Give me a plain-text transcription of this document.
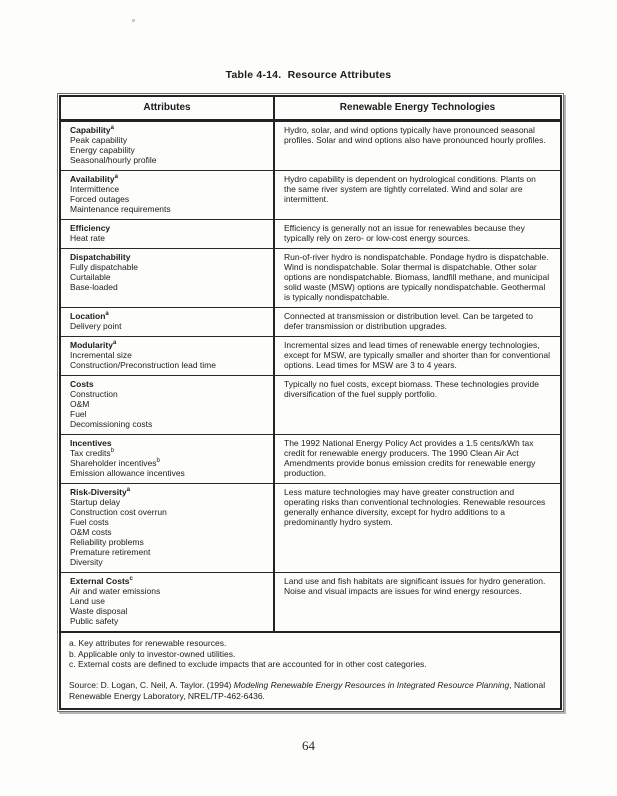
Table 4-14.  Resource Attributes
Attributes	Renewable Energy Technologies

Capability$^a$
Peak capability
Energy capability
Seasonal/hourly profile	Hydro, solar, and wind options typically have pronounced seasonal profiles. Solar and wind options also have pronounced hourly profiles.

Availability$^a$
Intermittence
Forced outages
Maintenance requirements	Hydro capability is dependent on hydrological conditions. Plants on the same river system are tightly correlated. Wind and solar are intermittent.

Efficiency
Heat rate	Efficiency is generally not an issue for renewables because they typically rely on zero- or low-cost energy sources.

Dispatchability
Fully dispatchable
Curtailable
Base-loaded
	Run-of-river hydro is nondispatchable. Pondage hydro is dispatchable. Wind is nondispatchable. Solar thermal is dispatchable. Other solar options are nondispatchable. Biomass, landfill methane, and municipal solid waste (MSW) options are typically nondispatchable. Geothermal is typically nondispatchable.

Location$^a$
Delivery point	Connected at transmission or distribution level. Can be targeted to defer transmission or distribution upgrades.

Modularity$^a$
Incremental size
Construction/Preconstruction lead time	Incremental sizes and lead times of renewable energy technologies, except for MSW, are typically smaller and shorter than for conventional options. Lead times for MSW are 3 to 4 years.

Costs
Construction
O&M
Fuel
Decomissioning costs	Typically no fuel costs, except biomass. These technologies provide diversification of the fuel supply portfolio.

Incentives
Tax credits$^b$
Shareholder incentives$^b$
Emission allowance incentives
	The 1992 National Energy Policy Act provides a 1.5 cents/kWh tax credit for renewable energy producers. The 1990 Clean Air Act Amendments provide bonus emission credits for renewable energy production.

Risk-Diversity$^a$
Startup delay
Construction cost overrun
Fuel costs
O&M costs
Reliability problems
Premature retirement
Diversity
	Less mature technologies may have greater construction and operating risks than conventional technologies. Renewable resources generally enhance diversity, except for hydro additions to a predominantly hydro system.

External Costs$^c$
Air and water emissions
Land use
Waste disposal
Public safety	Land use and fish habitats are significant issues for hydro generation. Noise and visual impacts are issues for wind energy resources.

a. Key attributes for renewable resources.
b. Applicable only to investor-owned utilities.
c. External costs are defined to exclude impacts that are accounted for in other cost categories.

Source: D. Logan, C. Neil, A. Taylor. (1994) Modeling Renewable Energy Resources in Integrated Resource Planning, National Renewable Energy Laboratory, NREL/TP-462-6436.	

64
